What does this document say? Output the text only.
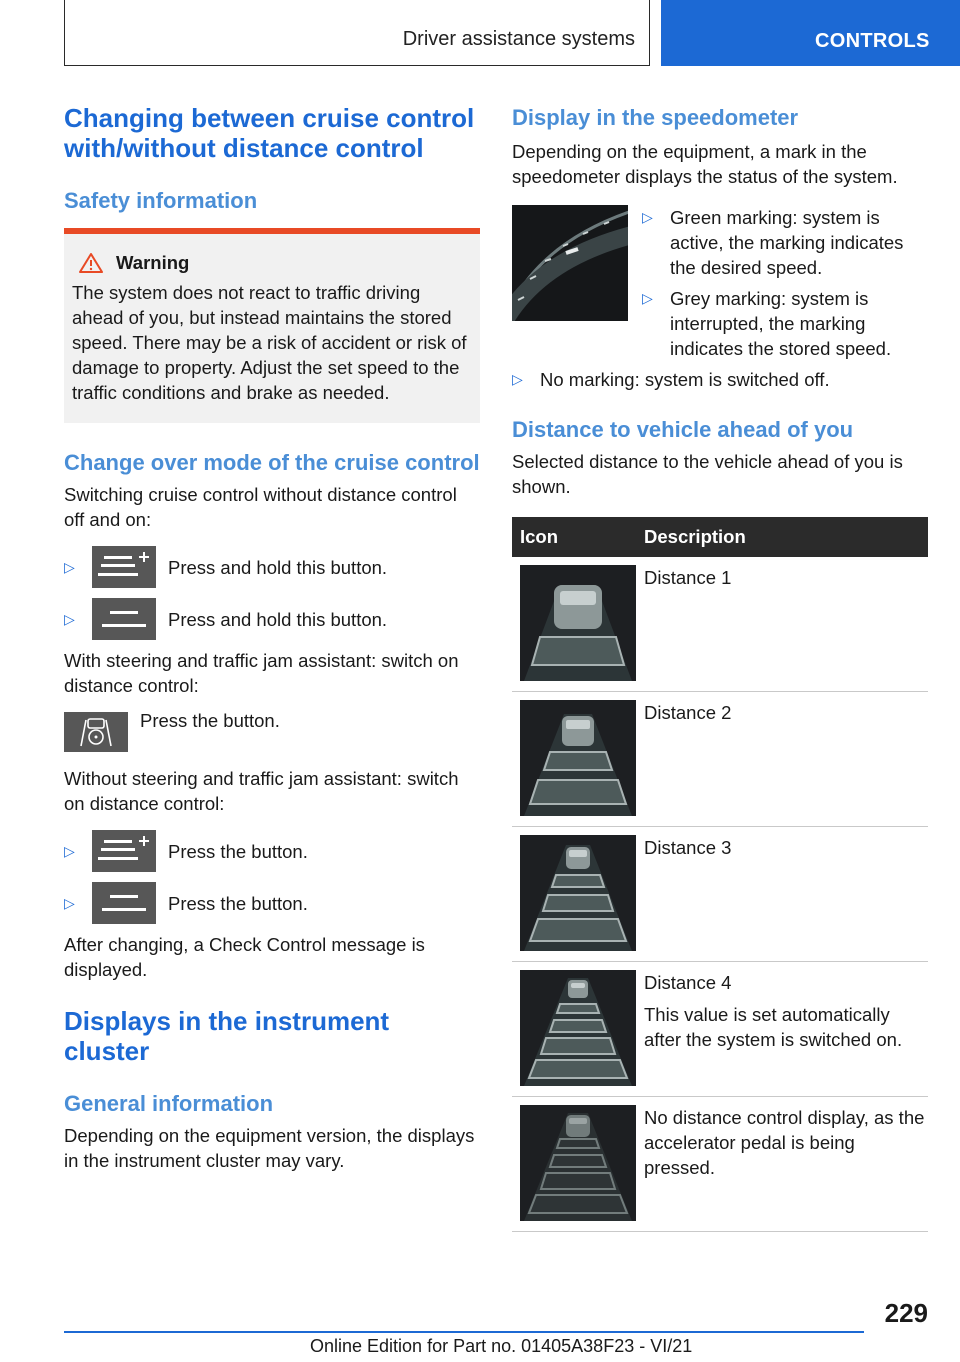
Driver assistance systems	CONTROLS
Changing between cruise control with/without distance control
Safety information
Warning
The system does not react to traffic driving ahead of you, but instead maintains the stored speed. There may be a risk of accident or risk of damage to property. Adjust the set speed to the traffic conditions and brake as needed.
Change over mode of the cruise control
Switching cruise control without distance control off and on:
▷	Press and hold this button.
▷	Press and hold this button.
With steering and traffic jam assistant: switch on distance control:
Press the button.
Without steering and traffic jam assistant: switch on distance control:
▷	Press the button.
▷	Press the button.
After changing, a Check Control message is displayed.
Displays in the instrument cluster
General information
Depending on the equipment version, the displays in the instrument cluster may vary.
Display in the speedometer
Depending on the equipment, a mark in the speedometer displays the status of the system.
▷ Green marking: system is active, the marking indicates the desired speed.
▷ Grey marking: system is interrupted, the marking indicates the stored speed.
▷ No marking: system is switched off.
Distance to vehicle ahead of you
Selected distance to the vehicle ahead of you is shown.
Icon	Description

Distance 1

Distance 2

Distance 3

Distance 4
This value is set automatically after the system is switched on.

No distance control display, as the accelerator pedal is being pressed.
229
Online Edition for Part no. 01405A38F23 - VI/21
